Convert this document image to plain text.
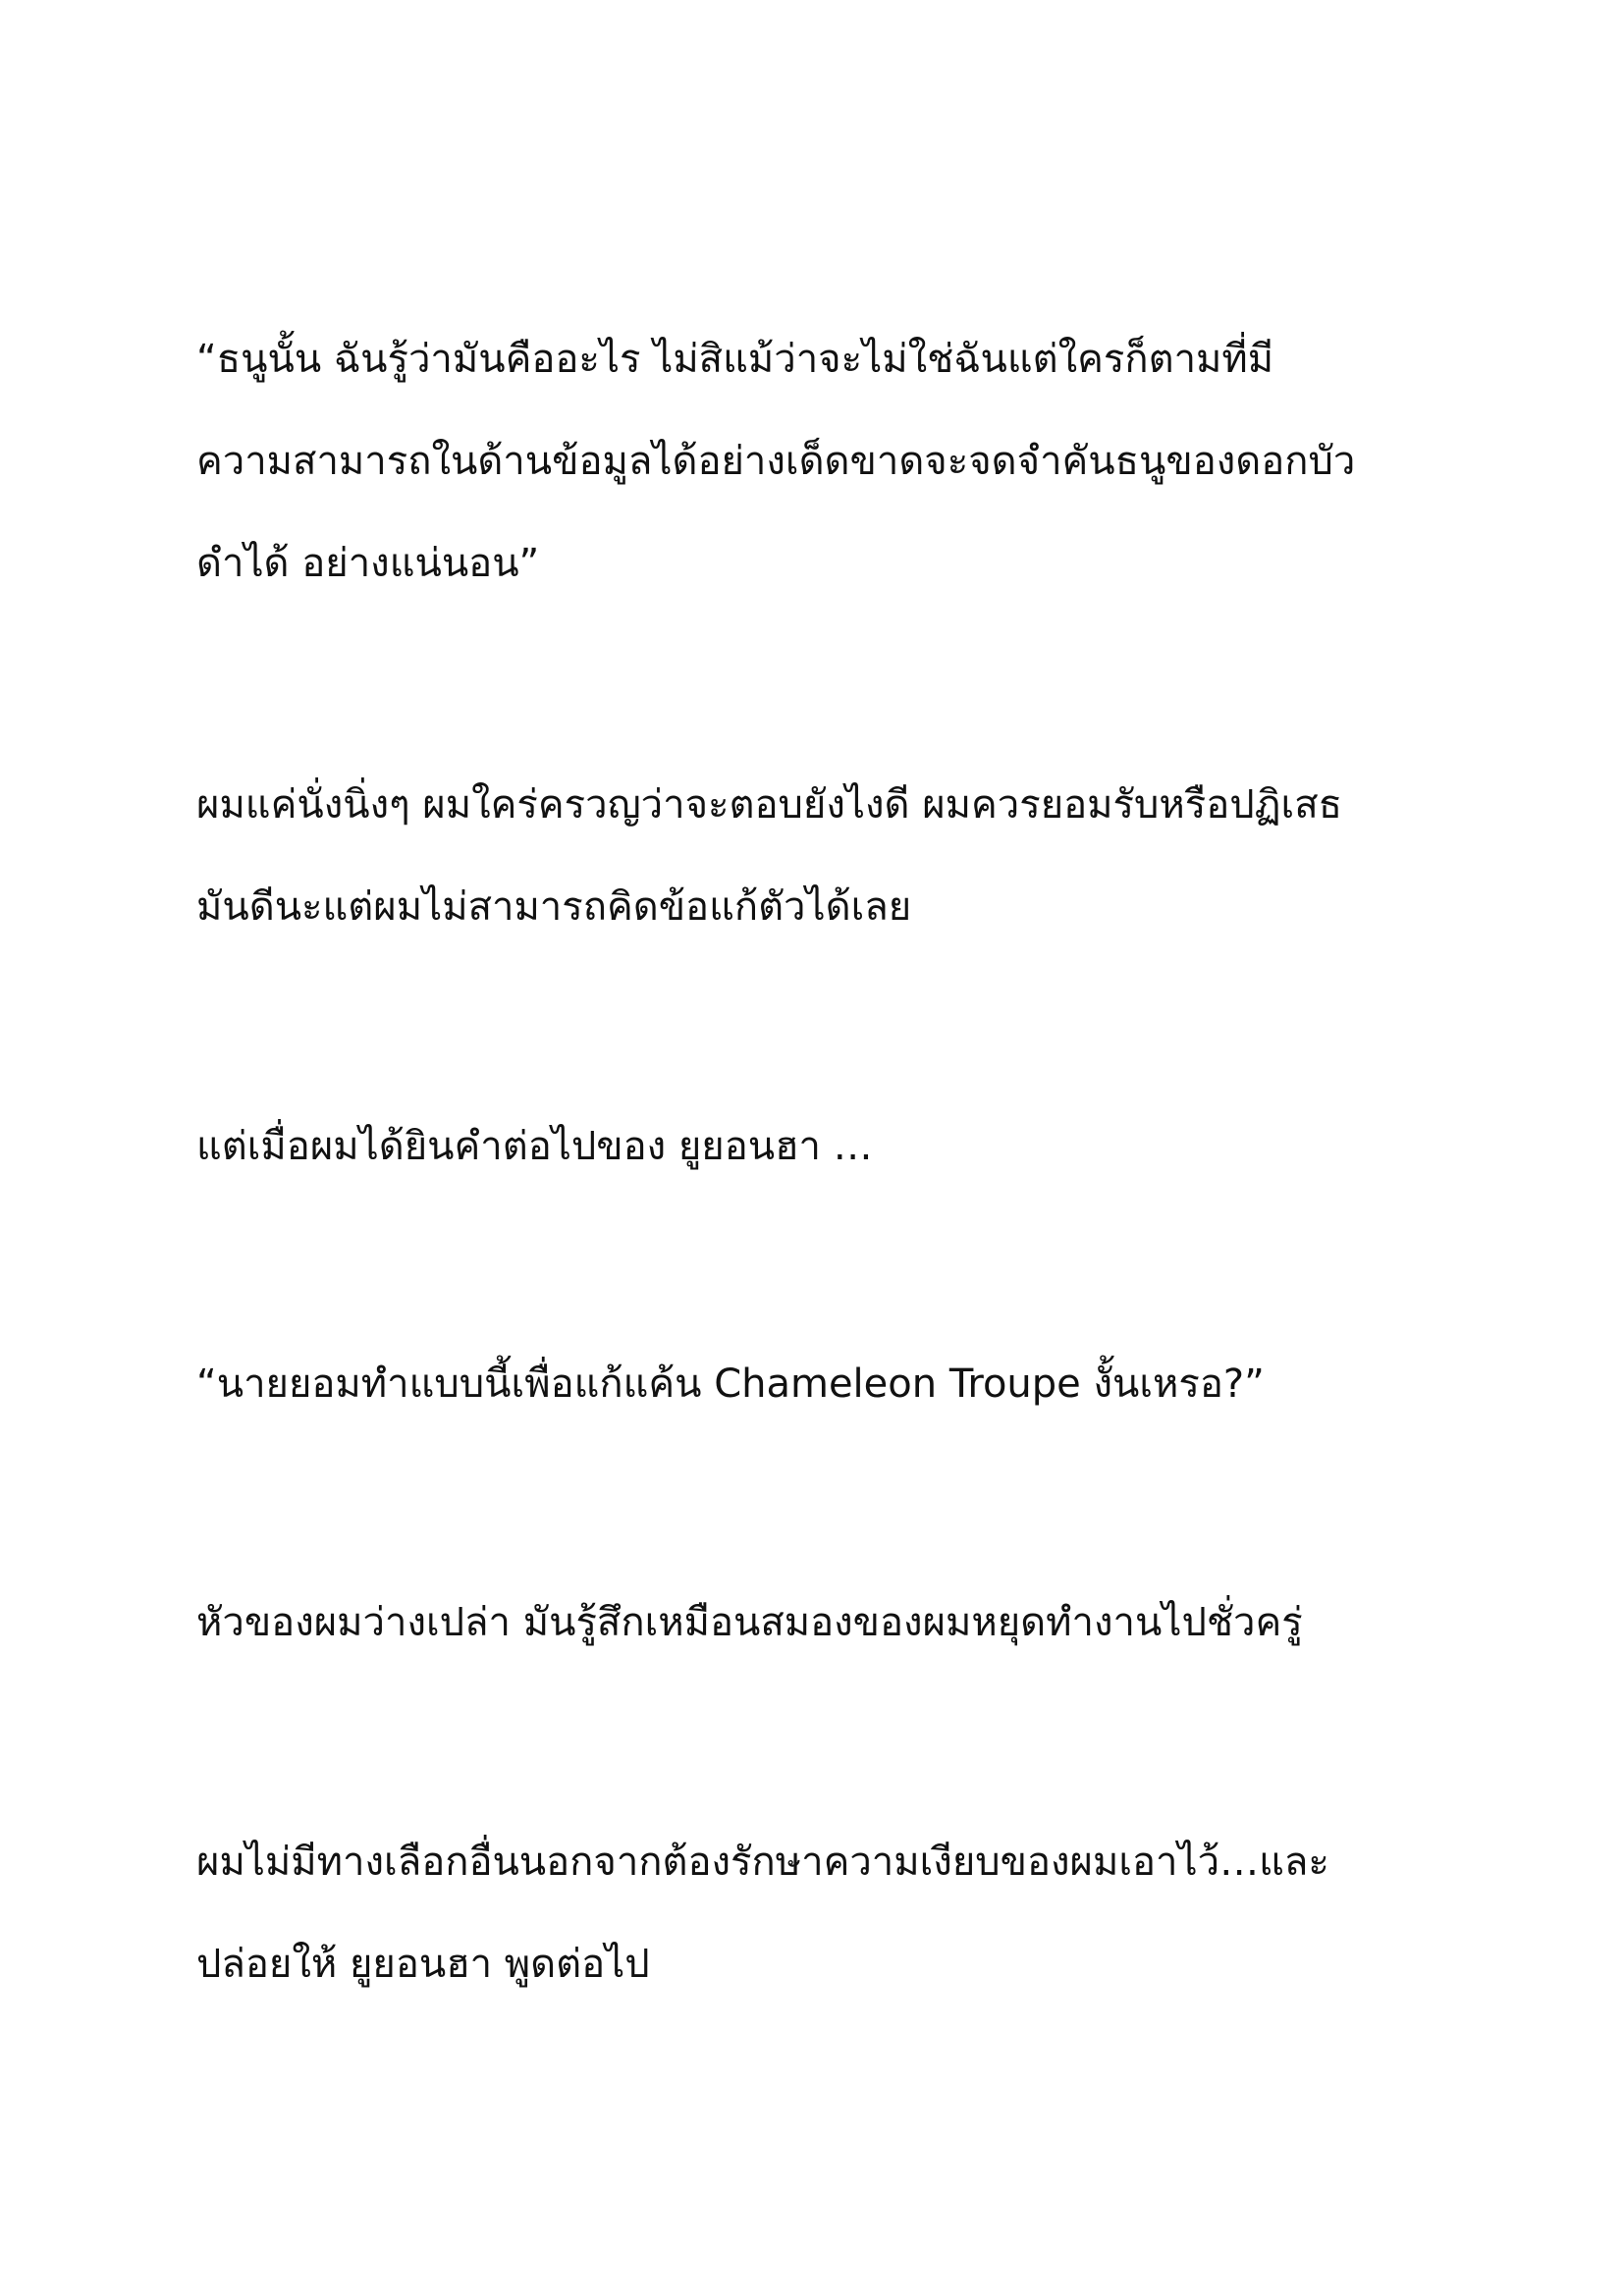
“ธนูนั้น ฉันรู้ว่ามันคืออะไร ไม่สิแม้ว่าจะไม่ใช่ฉันแต่ใครก็ตามที่มี
ความสามารถในด้านข้อมูลได้อย่างเด็ดขาดจะจดจำคันธนูของดอกบัว
ดำได้ อย่างแน่นอน”

ผมแค่นั่งนิ่งๆ ผมใคร่ครวญว่าจะตอบยังไงดี ผมควรยอมรับหรือปฏิเสธ
มันดีนะแต่ผมไม่สามารถคิดข้อแก้ตัวได้เลย

แต่เมื่อผมได้ยินคำต่อไปของ ยูยอนฮา …

“นายยอมทำแบบนี้เพื่อแก้แค้น Chameleon Troupe งั้นเหรอ?”

หัวของผมว่างเปล่า มันรู้สึกเหมือนสมองของผมหยุดทำงานไปชั่วครู่

ผมไม่มีทางเลือกอื่นนอกจากต้องรักษาความเงียบของผมเอาไว้…และ
ปล่อยให้ ยูยอนฮา พูดต่อไป
